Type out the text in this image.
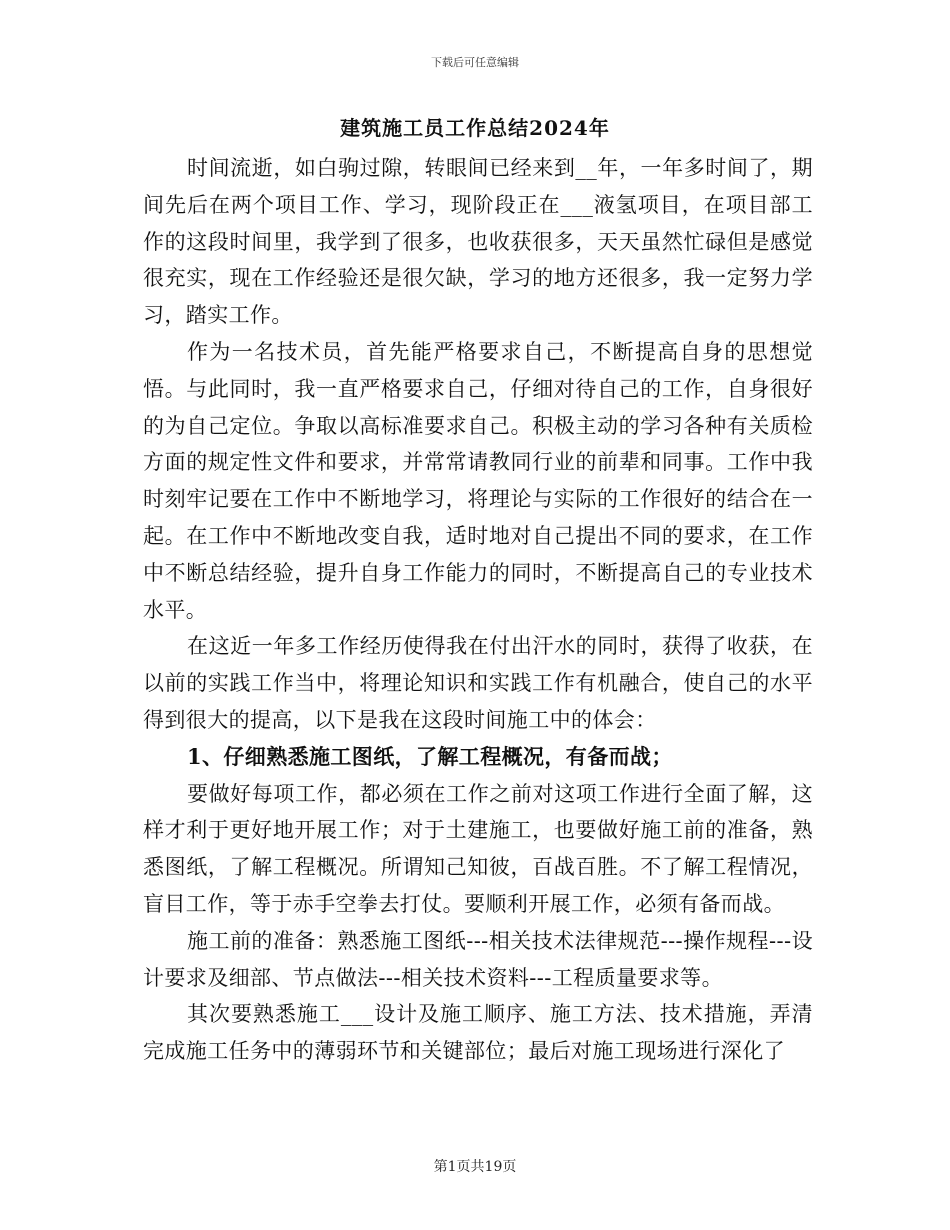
下载后可任意编辑
建筑施工员工作总结2024年

时间流逝，如白驹过隙，转眼间已经来到__年，一年多时间了，期间先后在两个项目工作、学习，现阶段正在___液氢项目，在项目部工作的这段时间里，我学到了很多，也收获很多，天天虽然忙碌但是感觉很充实，现在工作经验还是很欠缺，学习的地方还很多，我一定努力学习，踏实工作。

作为一名技术员，首先能严格要求自己，不断提高自身的思想觉悟。与此同时，我一直严格要求自己，仔细对待自己的工作，自身很好的为自己定位。争取以高标准要求自己。积极主动的学习各种有关质检方面的规定性文件和要求，并常常请教同行业的前辈和同事。工作中我时刻牢记要在工作中不断地学习，将理论与实际的工作很好的结合在一起。在工作中不断地改变自我，适时地对自己提出不同的要求，在工作中不断总结经验，提升自身工作能力的同时，不断提高自己的专业技术水平。

在这近一年多工作经历使得我在付出汗水的同时，获得了收获，在以前的实践工作当中，将理论知识和实践工作有机融合，使自己的水平得到很大的提高，以下是我在这段时间施工中的体会：

1、仔细熟悉施工图纸，了解工程概况，有备而战；

要做好每项工作，都必须在工作之前对这项工作进行全面了解，这样才利于更好地开展工作；对于土建施工，也要做好施工前的准备，熟悉图纸，了解工程概况。所谓知己知彼，百战百胜。不了解工程情况，盲目工作，等于赤手空拳去打仗。要顺利开展工作，必须有备而战。

施工前的准备：熟悉施工图纸---相关技术法律规范---操作规程---设计要求及细部、节点做法---相关技术资料---工程质量要求等。

其次要熟悉施工___设计及施工顺序、施工方法、技术措施，弄清完成施工任务中的薄弱环节和关键部位；最后对施工现场进行深化了

第1页共19页
